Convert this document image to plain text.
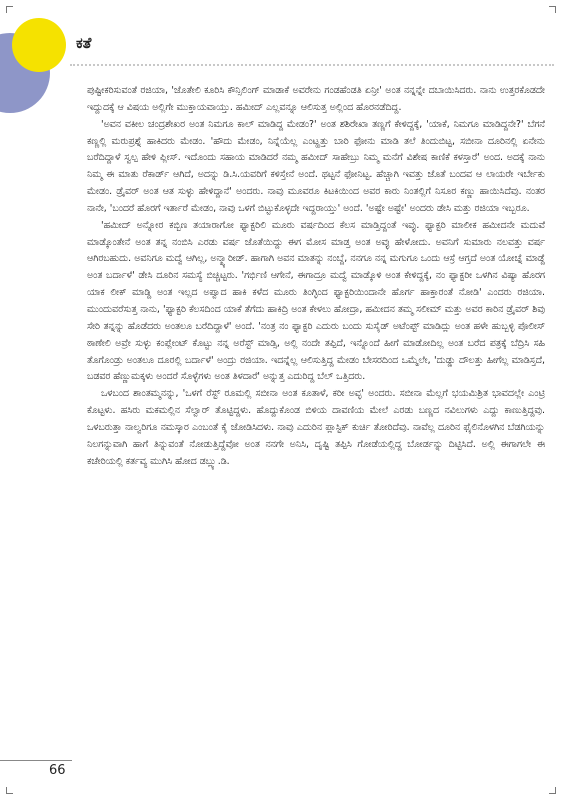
ಕತೆ

ಪುಷ್ಟೀಕರಿಸುವಂತೆ ರಜಿಯಾ, 'ಜೊತೇಲಿ ಕೂರಿಸಿ ಕೌನ್ಸಿಲಿಂಗ್ ಮಾಡಾಕೆ ಅವರೇನು ಗಂಡಹೆಂಡತಿ ಏನ್ರೀ' ಅಂತ ನನ್ನನ್ನೇ ದಬಾಯಿಸಿದರು. ನಾನು ಉತ್ತರಕೊಡದೇ ಇದ್ದುದಕ್ಕೆ ಆ ವಿಷಯ ಅಲ್ಲಿಗೇ ಮುಕ್ತಾಯವಾಯ್ತು. ಹಮೀದ್ ಎಲ್ಲವನ್ನೂ ಆಲಿಸುತ್ತ ಅಲ್ಲಿಂದ ಹೊರನಡೆದಿದ್ದ.

'ಅವನ ವಕೀಲ ಚಂದ್ರಶೇಖರ ಅಂತ ನಿಮಗೂ ಕಾಲ್ ಮಾಡಿದ್ದ ಮೇಡಂ?' ಅಂತ ಶಶಿರೇಖಾ ತಣ್ಣಗೆ ಕೇಳಿದ್ದಕ್ಕೆ, 'ಯಾಕೆ, ನಿಮಗೂ ಮಾಡಿದ್ದನೇ?' ಬೆಗನೆ ಕಣ್ಣಲ್ಲಿ ಮರುಪ್ರಶ್ನೆ ಹಾಕಿದರು ಮೇಡಂ. 'ಹೌದು ಮೇಡಂ, ನಿನ್ನೆಯೆಲ್ಲ ಎಂಟ್ಹತ್ತು ಬಾರಿ ಫೋನು ಮಾಡಿ ತಲೆ ತಿಂದುಬಿಟ್ಟ, ಸಬೀನಾ ದೂರಿನಲ್ಲಿ ಏನೇನು ಬರೆದಿದ್ದಾಳೆ ಸ್ವಲ್ಪ ಹೇಳಿ ಪ್ಲೀಸ್. ಇದೊಂದು ಸಹಾಯ ಮಾಡಿದರೆ ನಮ್ಮ ಹಮೀದ್ ಸಾಹೇಬ್ರು ನಿಮ್ಮ ಮನೆಗೆ ವಿಶೇಷ ಕಾಣಿಕೆ ಕಳಸ್ತಾರೆ' ಅಂದ. ಅದಕ್ಕೆ ನಾನು ನಿಮ್ಮ ಈ ಮಾತು ರೆಕಾರ್ಡ್ ಆಗಿದೆ, ಅದನ್ನು ಡಿ.ಸಿ.ಯವರಿಗೆ ಕಳಿಸ್ತೇನೆ ಅಂದೆ. ಥಟ್ಟನೆ ಫೋನಿಟ್ಟ. ಹೆಚ್ಚಾಗಿ ಇವತ್ತು ಜೊತೆ ಬಂದವ ಆ ಲಾಯರೇ ಇರ್ಬೇಕು ಮೇಡಂ. ಡ್ರೈವರ್ ಅಂತ ಆತ ಸುಳ್ಳು ಹೇಳಿದ್ದಾನೆ' ಅಂದರು. ನಾವು ಮೂವರೂ ಕಿಟಕಿಯಿಂದ ಅವರ ಕಾರು ನಿಂತಲ್ಲಿಗೆ ನಿಸೂರ ಕಣ್ಣು ಹಾಯಿಸಿದೆವು. ನಂತರ ನಾನೇ, 'ಬಂದರೆ ಹೊರಗೆ ಇರ್ತಾರೆ ಮೇಡಂ, ನಾವು ಒಳಗೆ ಬಿಟ್ಟುಕೊಳ್ಳದೇ ಇದ್ದರಾಯ್ತು' ಅಂದೆ. 'ಅಷ್ಟೇ ಅಷ್ಟೇ' ಅಂದರು ಡೇಸಿ ಮತ್ತು ರಜಿಯಾ ಇಬ್ಬರೂ.

'ಹಮೀದ್ ಅನ್ನೋರ ಕಬ್ಬಿಣ ತಯಾರಾಗೋ ಫ್ಯಾಕ್ಟರಿಲಿ ಮೂರು ವರ್ಷದಿಂದ ಕೆಲಸ ಮಾಡ್ತಿದ್ದಂತೆ ಇವ್ಳು. ಫ್ಯಾಕ್ಟರಿ ಮಾಲೀಕ ಹಮೀದನೇ ಮದುವೆ ಮಾಡ್ಕೊಂತೇನೆ ಅಂತ ತನ್ನ ನಂಬಿಸಿ ಎರಡು ವರ್ಷ ಜೊತೆಯಿದ್ದು ಈಗ ಮೋಸ ಮಾಡ್ತ ಅಂತ ಅವ್ಳು ಹೇಳೋದು. ಅವನಿಗೆ ಸುಮಾರು ನಲವತ್ತು ವರ್ಷ ಆಗಿರಬಹುದು. ಅವನಿಗೂ ಮದ್ವೆ ಆಗಿಲ್ಲ, ಅನ್ಮ್ಯಾರೀಡ್. ಹಾಗಾಗಿ ಅವನ ಮಾತನ್ನು ನಂಬ್ದೆ, ನನಗೂ ನನ್ನ ಮಗುಗೂ ಒಂದು ಆಸ್ರೆ ಆಗ್ತದೆ ಅಂತ ಯೋಚ್ನೆ ಮಾಡ್ದೆ ಅಂತ ಬರ್ದಾಳೆ' ಡೇಸಿ ದೂರಿನ ಸಮಸ್ಯೆ ಬಿಚ್ಚಿಟ್ಟರು. 'ಗರ್ಭಿಣಿ ಆಗೇನೆ, ಈಗಾದ್ರೂ ಮದ್ವೆ ಮಾಡ್ಕೊಳಿ ಅಂತ ಕೇಳಿದ್ದಕ್ಕೆ, ನಂ ಫ್ಯಾಕ್ಟರೀ ಒಳಗಿನ ವಿಷ್ಯಾ ಹೊರಗ ಯಾಕ ಲೀಕ್ ಮಾಡ್ದಿ ಅಂತ ಇಲ್ಲದ ಅಪ್ವಾದ ಹಾಕಿ ಕಳೆದ ಮೂರು ತಿಂಗ್ಳಿಂದ ಫ್ಯಾಕ್ಟರಿಯಿಂದಾನೇ ಹೊರ್ಗ ಹಾಕ್ತಾರಂತೆ ನೋಡಿ' ಎಂದರು ರಜಿಯಾ. ಮುಂದುವರೆಸುತ್ತ ನಾನು, 'ಫ್ಯಾಕ್ಟರಿ ಕೆಲಸದಿಂದ ಯಾಕೆ ತೆಗೆದು ಹಾಕಿದ್ರಿ ಅಂತ ಕೇಳಲು ಹೋದ್ರಾ, ಹಮೀದನ ತಮ್ಮ ಸಲೀಮ್ ಮತ್ತು ಅವರ ಕಾರಿನ ಡ್ರೈವರ್ ಶಿವು ಸೇರಿ ತನ್ನನ್ನು ಹೊಡೆದರು ಅಂತಲೂ ಬರೆದಿದ್ದಾಳೆ' ಅಂದೆ. 'ನಂತ್ರ ನಂ ಫ್ಯಾಕ್ಟರಿ ಎದುರು ಬಂದು ಸುಸೈಡ್ ಅಟೆಂಪ್ಟ್ ಮಾಡಿದ್ಲು ಅಂತ ಹಳೇ ಹುಬ್ಬಳ್ಳಿ ಪೊಲೀಸ್ ಠಾಣೇಲಿ ಅವ್ರೇ ಸುಳ್ಳು ಕಂಪ್ಲೇಂಟ್ ಕೊಟ್ಟು ನನ್ನ ಅರೆಸ್ಟ್ ಮಾಡ್ಸಿ, ಅಲ್ಲಿ ನಂದೇ ತಪ್ಪಿದೆ, ಇನ್ನೊಂದೆ ಹೀಗೆ ಮಾಡೋದಿಲ್ಲ ಅಂತ ಬರೆದ ಪತ್ರಕ್ಕೆ ಬೆದ್ರಿಸಿ ಸಹಿ ತೊಗೊಂಡ್ರು ಅಂತಲೂ ದೂರಲ್ಲಿ ಬರ್ದಾಳೆ' ಅಂದ್ರು ರಜಿಯಾ. ಇದನ್ನೆಲ್ಲ ಆಲಿಸುತ್ತಿದ್ದ ಮೇಡಂ ಬೇಸರದಿಂದ ಒಮ್ಮೆಲೇ, 'ದುಡ್ಡು ದೌಲತ್ತು ಹೀಗೆಲ್ಲ ಮಾಡಿಸ್ತದೆ, ಬಡವರ ಹೆಣ್ಣುಮಕ್ಕಳು ಅಂದರೆ ಸೊಳ್ಳೆಗಳು ಅಂತ ತಿಳದಾರೆ' ಅನ್ನುತ್ತ ಎದುರಿದ್ದ ಬೆಲ್ ಒತ್ತಿದರು.

ಒಳಬಂದ ಶಾಂತಮ್ಮನನ್ನು, 'ಒಳಗೆ ರೆಸ್ಟ್ ರೂಮಲ್ಲಿ ಸಬೀನಾ ಅಂತ ಕೂತಾಳೆ, ಕರೀ ಅವ್ಳ' ಅಂದರು. ಸಬೀನಾ ಮೆಲ್ಲಗೆ ಭಯಮಿಶ್ರಿತ ಭಾವದಲ್ಲೇ ಎಂಟ್ರಿ ಕೊಟ್ಟಳು. ಹಸಿರು ಮಕಮಲ್ಲಿನ ಸೆಲ್ವಾರ್ ತೊಟ್ಟಿದ್ದಳು. ಹೊದ್ದುಕೊಂಡ ಬಿಳಿಯ ದಾವಣಿಯ ಮೇಲೆ ಎರಡು ಬಣ್ಣದ ನವಿಲುಗಳು ಎದ್ದು ಕಾಣುತ್ತಿದ್ದವು. ಒಳಬರುತ್ತಾ ನಾಲ್ವರಿಗೂ ನಮಸ್ಕಾರ ಎಂಬಂತೆ ಕೈ ಜೋಡಿಸಿದಳು. ನಾವು ಎದುರಿನ ಪ್ಲಾಸ್ಟಿಕ್ ಕುರ್ಚಿ ತೋರಿದೆವು. ನಾವೆಲ್ಲ ದೂರಿನ ಫೈಲಿನೊಳಗಿನ ಬೆಡಗಿಯನ್ನು ನಿಲಗನ್ನುವಾಗಿ ಹಾಗೆ ತಿನ್ನುವಂತೆ ನೋಡುತ್ತಿದ್ದೆವೋ ಅಂತ ನನಗೇ ಅನಿಸಿ, ದೃಷ್ಟಿ ತಪ್ಪಿಸಿ ಗೋಡೆಯಲ್ಲಿದ್ದ ಬೋರ್ಡನ್ನು ದಿಟ್ಟಿಸಿದೆ. ಅಲ್ಲಿ ಈಗಾಗಲೇ ಈ ಕಚೇರಿಯಲ್ಲಿ ಕರ್ತವ್ಯ ಮುಗಿಸಿ ಹೋದ ಡಬ್ಲ್ಯು.ಡಿ.

66
